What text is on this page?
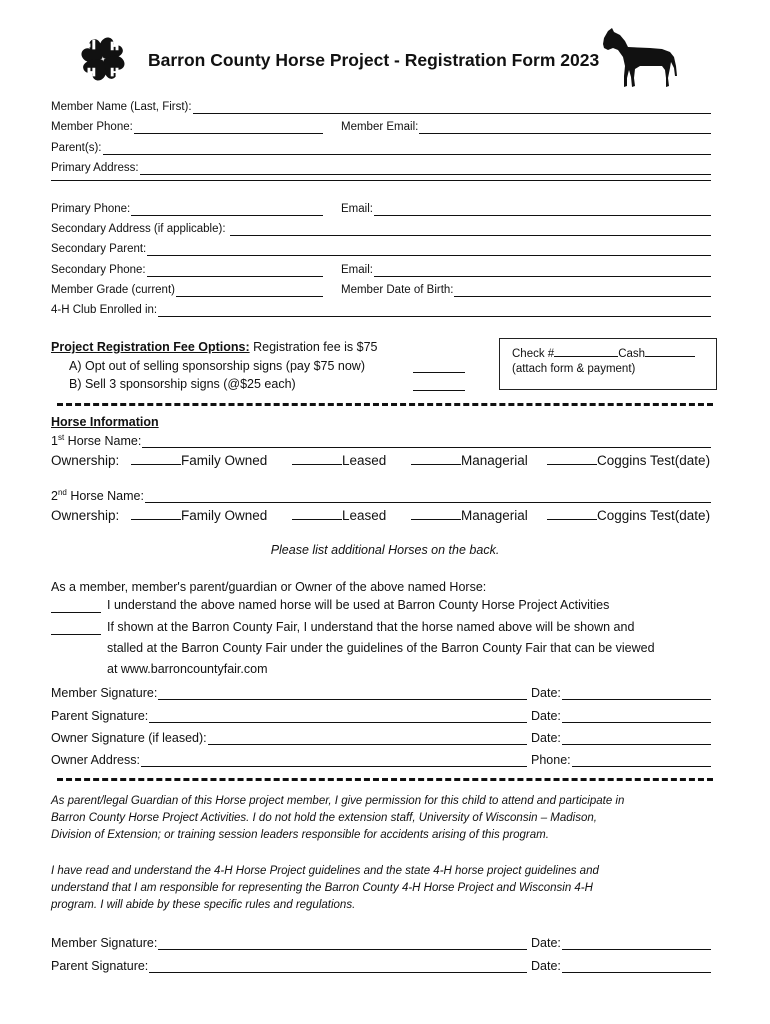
Barron County Horse Project - Registration Form 2023
Member Name (Last, First):
Member Phone:	Member Email:
Parent(s):
Primary Address:
Primary Phone:	Email:
Secondary Address (if applicable):
Secondary Parent:
Secondary Phone:	Email:
Member Grade (current)	Member Date of Birth:
4-H Club Enrolled in:
Project Registration Fee Options: Registration fee is $75
A) Opt out of selling sponsorship signs (pay $75 now)
B) Sell 3 sponsorship signs (@$25 each)
Check #	Cash
(attach form & payment)
Horse Information
1st Horse Name:
Ownership:	Family Owned	Leased	Managerial	Coggins Test(date)
2nd Horse Name:
Ownership:	Family Owned	Leased	Managerial	Coggins Test(date)
Please list additional Horses on the back.
As a member, member's parent/guardian or Owner of the above named Horse:
I understand the above named horse will be used at Barron County Horse Project Activities
If shown at the Barron County Fair, I understand that the horse named above will be shown and
stalled at the Barron County Fair under the guidelines of the Barron County Fair that can be viewed
at www.barroncountyfair.com
Member Signature:	Date:
Parent Signature:	Date:
Owner Signature (if leased):	Date:
Owner Address:	Phone:
As parent/legal Guardian of this Horse project member, I give permission for this child to attend and participate in
Barron County Horse Project Activities. I do not hold the extension staff, University of Wisconsin – Madison,
Division of Extension; or training session leaders responsible for accidents arising of this program.
I have read and understand the 4-H Horse Project guidelines and the state 4-H horse project guidelines and
understand that I am responsible for representing the Barron County 4-H Horse Project and Wisconsin 4-H
program. I will abide by these specific rules and regulations.
Member Signature:	Date:
Parent Signature:	Date:
